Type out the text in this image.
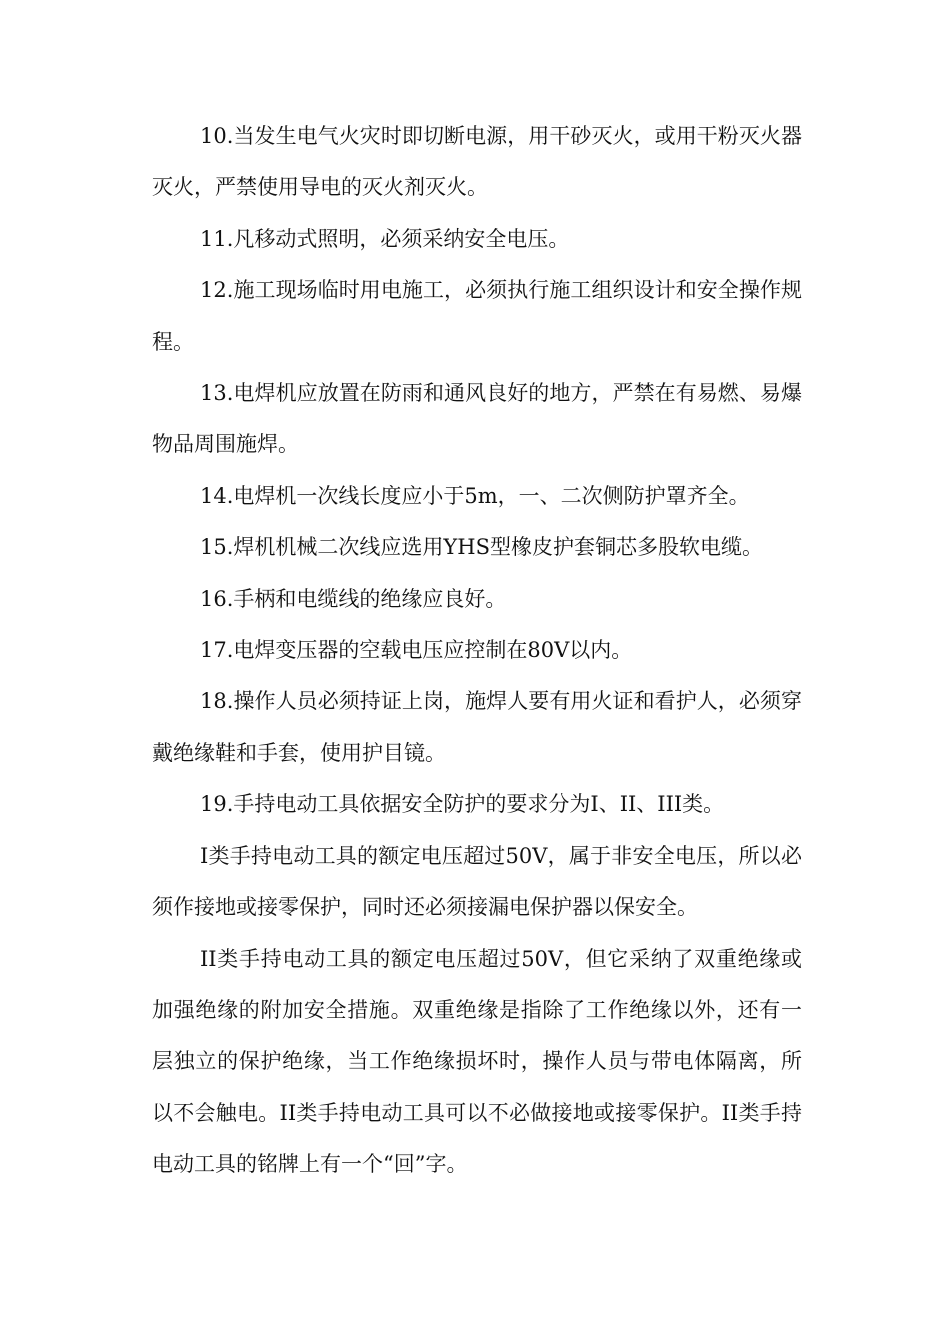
10.当发生电气火灾时即切断电源，用干砂灭火，或用干粉灭火器灭火，严禁使用导电的灭火剂灭火。

11.凡移动式照明，必须采纳安全电压。

12.施工现场临时用电施工，必须执行施工组织设计和安全操作规程。

13.电焊机应放置在防雨和通风良好的地方，严禁在有易燃、易爆物品周围施焊。

14.电焊机一次线长度应小于5m，一、二次侧防护罩齐全。

15.焊机机械二次线应选用YHS型橡皮护套铜芯多股软电缆。

16.手柄和电缆线的绝缘应良好。

17.电焊变压器的空载电压应控制在80V以内。

18.操作人员必须持证上岗，施焊人要有用火证和看护人，必须穿戴绝缘鞋和手套，使用护目镜。

19.手持电动工具依据安全防护的要求分为I、II、III类。

I类手持电动工具的额定电压超过50V，属于非安全电压，所以必须作接地或接零保护，同时还必须接漏电保护器以保安全。

II类手持电动工具的额定电压超过50V，但它采纳了双重绝缘或加强绝缘的附加安全措施。双重绝缘是指除了工作绝缘以外，还有一层独立的保护绝缘，当工作绝缘损坏时，操作人员与带电体隔离，所以不会触电。II类手持电动工具可以不必做接地或接零保护。II类手持电动工具的铭牌上有一个“回”字。
